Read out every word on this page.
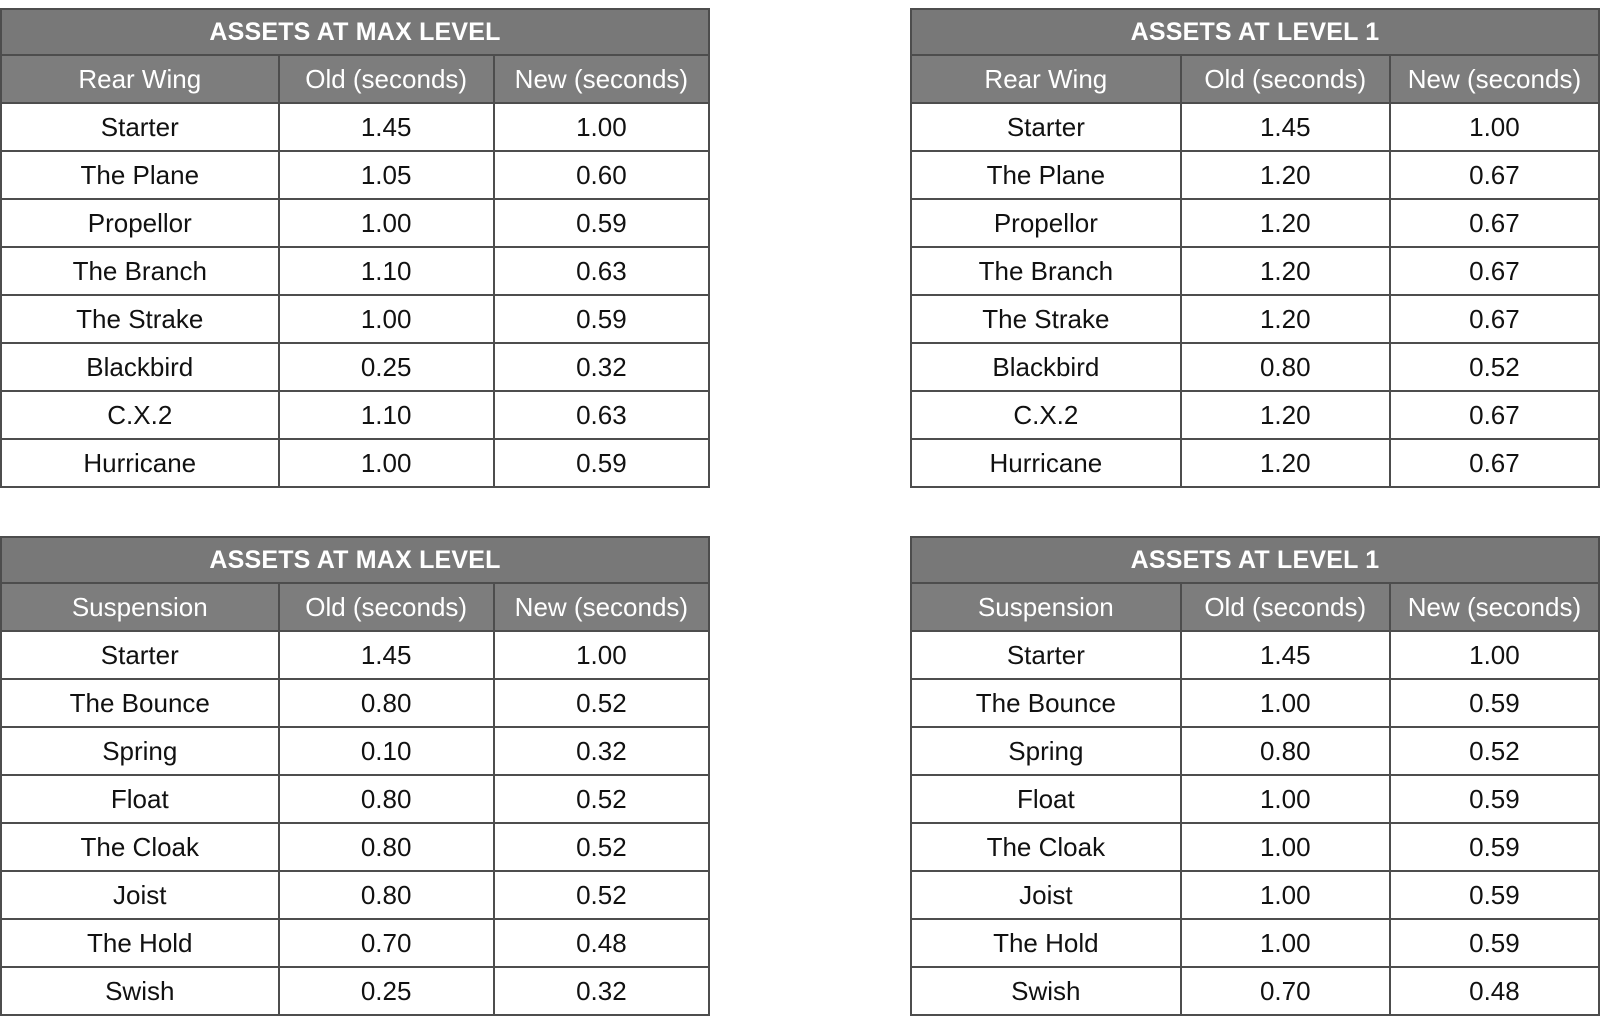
ASSETS AT MAX LEVEL		
Rear Wing	Old (seconds)	New (seconds)
Starter	1.45	1.00
The Plane	1.05	0.60
Propellor	1.00	0.59
The Branch	1.10	0.63
The Strake	1.00	0.59
Blackbird	0.25	0.32
C.X.2	1.10	0.63
Hurricane	1.00	0.59
ASSETS AT LEVEL 1		
Rear Wing	Old (seconds)	New (seconds)
Starter	1.45	1.00
The Plane	1.20	0.67
Propellor	1.20	0.67
The Branch	1.20	0.67
The Strake	1.20	0.67
Blackbird	0.80	0.52
C.X.2	1.20	0.67
Hurricane	1.20	0.67
ASSETS AT MAX LEVEL		
Suspension	Old (seconds)	New (seconds)
Starter	1.45	1.00
The Bounce	0.80	0.52
Spring	0.10	0.32
Float	0.80	0.52
The Cloak	0.80	0.52
Joist	0.80	0.52
The Hold	0.70	0.48
Swish	0.25	0.32
ASSETS AT LEVEL 1		
Suspension	Old (seconds)	New (seconds)
Starter	1.45	1.00
The Bounce	1.00	0.59
Spring	0.80	0.52
Float	1.00	0.59
The Cloak	1.00	0.59
Joist	1.00	0.59
The Hold	1.00	0.59
Swish	0.70	0.48
